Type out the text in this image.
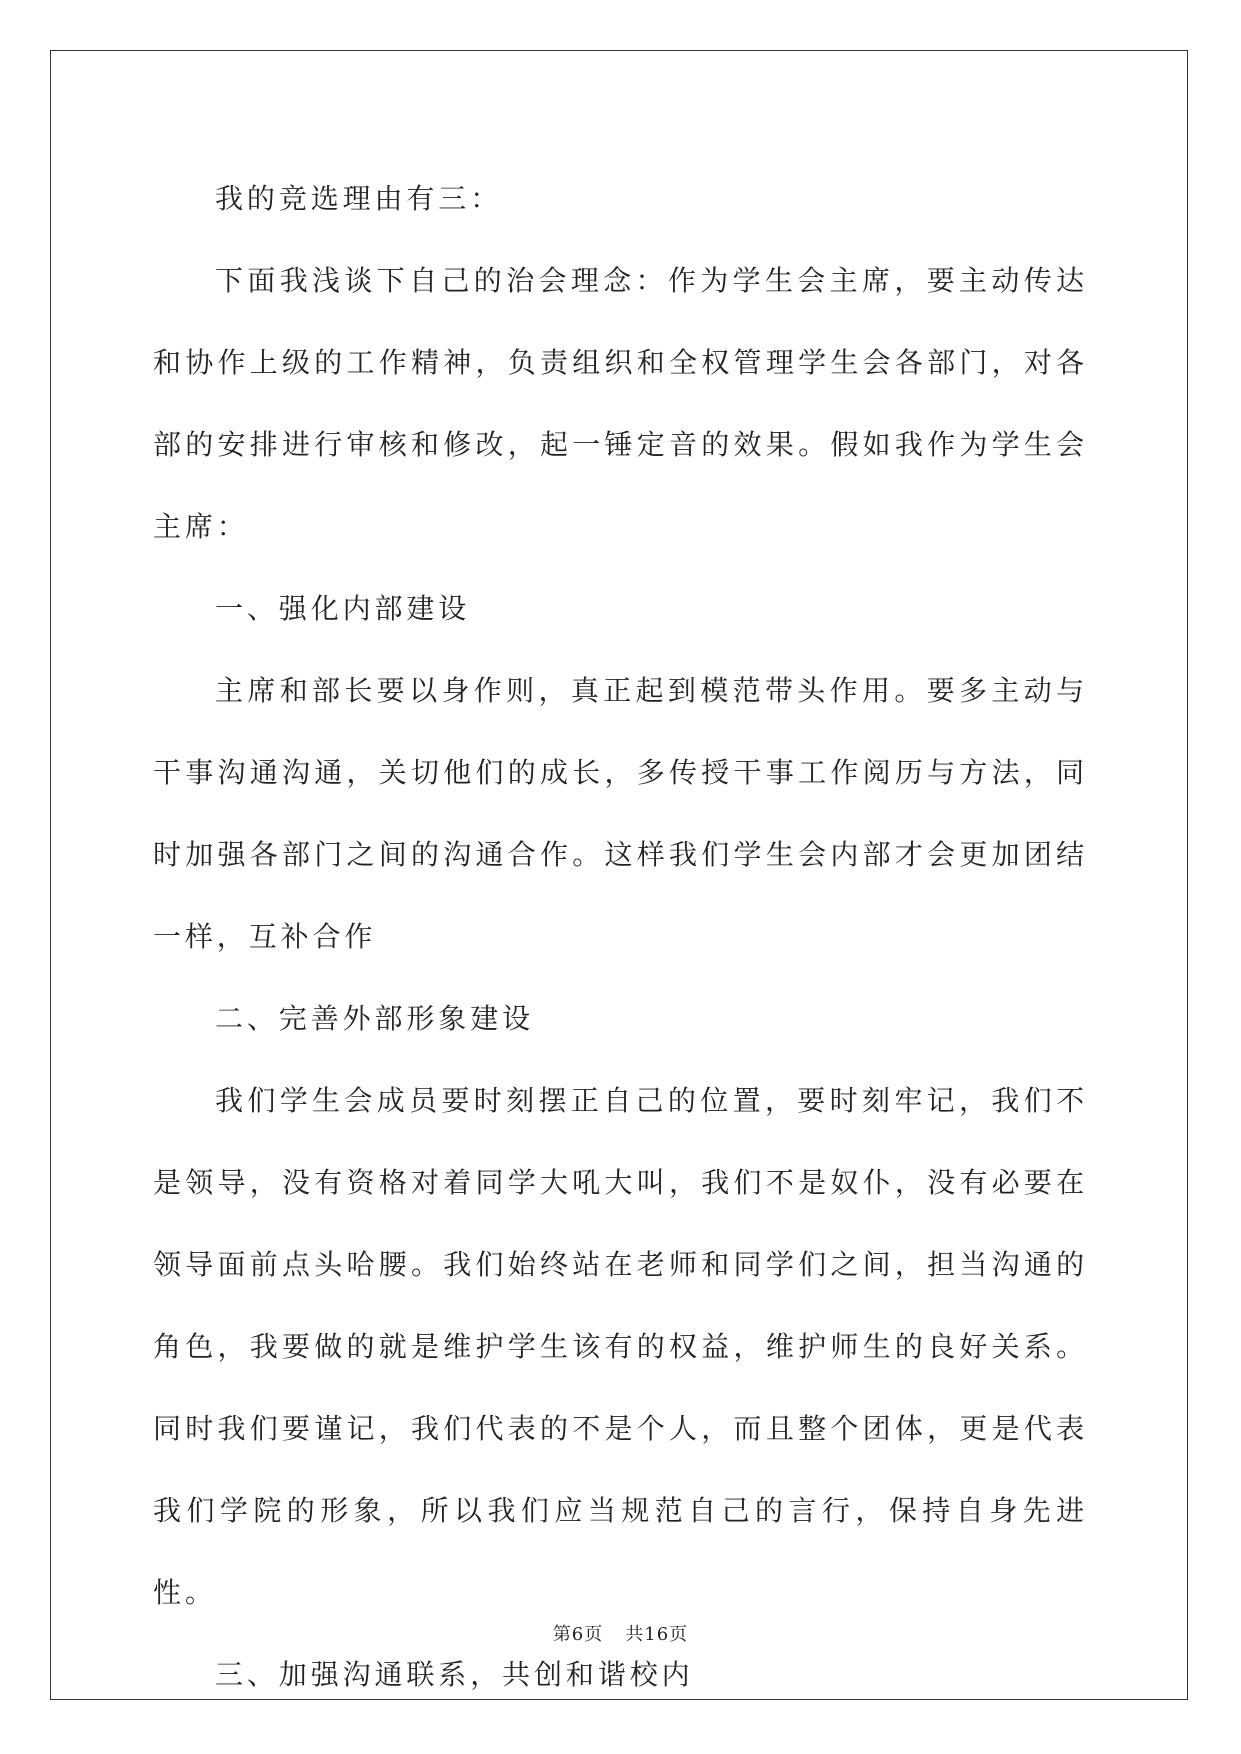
我的竞选理由有三：

下面我浅谈下自己的治会理念：作为学生会主席，要主动传达和协作上级的工作精神，负责组织和全权管理学生会各部门，对各部的安排进行审核和修改，起一锤定音的效果。假如我作为学生会主席：

一、强化内部建设

主席和部长要以身作则，真正起到模范带头作用。要多主动与干事沟通沟通，关切他们的成长，多传授干事工作阅历与方法，同时加强各部门之间的沟通合作。这样我们学生会内部才会更加团结一样，互补合作

二、完善外部形象建设

我们学生会成员要时刻摆正自己的位置，要时刻牢记，我们不是领导，没有资格对着同学大吼大叫，我们不是奴仆，没有必要在领导面前点头哈腰。我们始终站在老师和同学们之间，担当沟通的角色，我要做的就是维护学生该有的权益，维护师生的良好关系。同时我们要谨记，我们代表的不是个人，而且整个团体，更是代表我们学院的形象，所以我们应当规范自己的言行，保持自身先进性。

三、加强沟通联系，共创和谐校内

第6页 共16页
